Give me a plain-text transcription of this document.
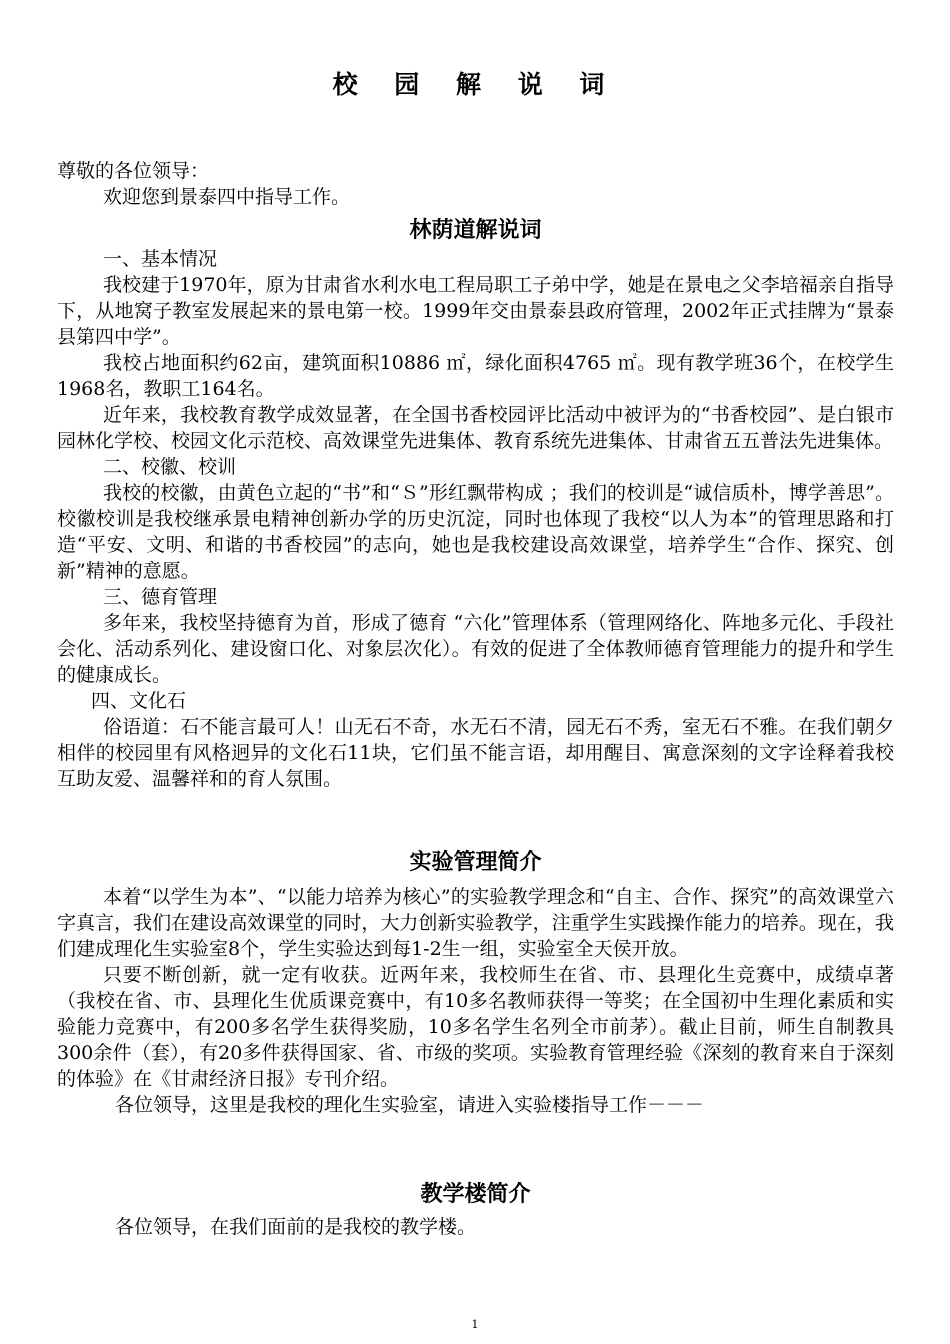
校 园 解 说 词

尊敬的各位领导：

欢迎您到景泰四中指导工作。

林荫道解说词

一、基本情况

我校建于1970年，原为甘肃省水利水电工程局职工子弟中学，她是在景电之父李培福亲自指导下，从地窝子教室发展起来的景电第一校。1999年交由景泰县政府管理，2002年正式挂牌为“景泰县第四中学”。

我校占地面积约62亩，建筑面积10886 ㎡，绿化面积4765 ㎡。现有教学班36个，在校学生1968名，教职工164名。

近年来，我校教育教学成效显著，在全国书香校园评比活动中被评为的“书香校园”、是白银市园林化学校、校园文化示范校、高效课堂先进集体、教育系统先进集体、甘肃省五五普法先进集体。

二、校徽、校训

我校的校徽，由黄色立起的“书”和“Ｓ”形红飘带构成 ；我们的校训是“诚信质朴，博学善思”。校徽校训是我校继承景电精神创新办学的历史沉淀，同时也体现了我校“以人为本”的管理思路和打造“平安、文明、和谐的书香校园”的志向，她也是我校建设高效课堂，培养学生“合作、探究、创新”精神的意愿。

三、德育管理

多年来，我校坚持德育为首，形成了德育 “六化”管理体系（管理网络化、阵地多元化、手段社会化、活动系列化、建设窗口化、对象层次化）。有效的促进了全体教师德育管理能力的提升和学生的健康成长。

四、文化石

俗语道：石不能言最可人！山无石不奇，水无石不清，园无石不秀，室无石不雅。在我们朝夕相伴的校园里有风格迥异的文化石11块，它们虽不能言语，却用醒目、寓意深刻的文字诠释着我校互助友爱、温馨祥和的育人氛围。

实验管理简介

本着“以学生为本”、“以能力培养为核心”的实验教学理念和“自主、合作、探究”的高效课堂六字真言，我们在建设高效课堂的同时，大力创新实验教学，注重学生实践操作能力的培养。现在，我们建成理化生实验室8个，学生实验达到每1-2生一组，实验室全天侯开放。

只要不断创新，就一定有收获。近两年来，我校师生在省、市、县理化生竞赛中，成绩卓著（我校在省、市、县理化生优质课竞赛中，有10多名教师获得一等奖；在全国初中生理化素质和实验能力竞赛中，有200多名学生获得奖励，10多名学生名列全市前茅）。截止目前，师生自制教具300余件（套），有20多件获得国家、省、市级的奖项。实验教育管理经验《深刻的教育来自于深刻的体验》在《甘肃经济日报》专刊介绍。

各位领导，这里是我校的理化生实验室，请进入实验楼指导工作－－－

教学楼简介

各位领导，在我们面前的是我校的教学楼。

1
